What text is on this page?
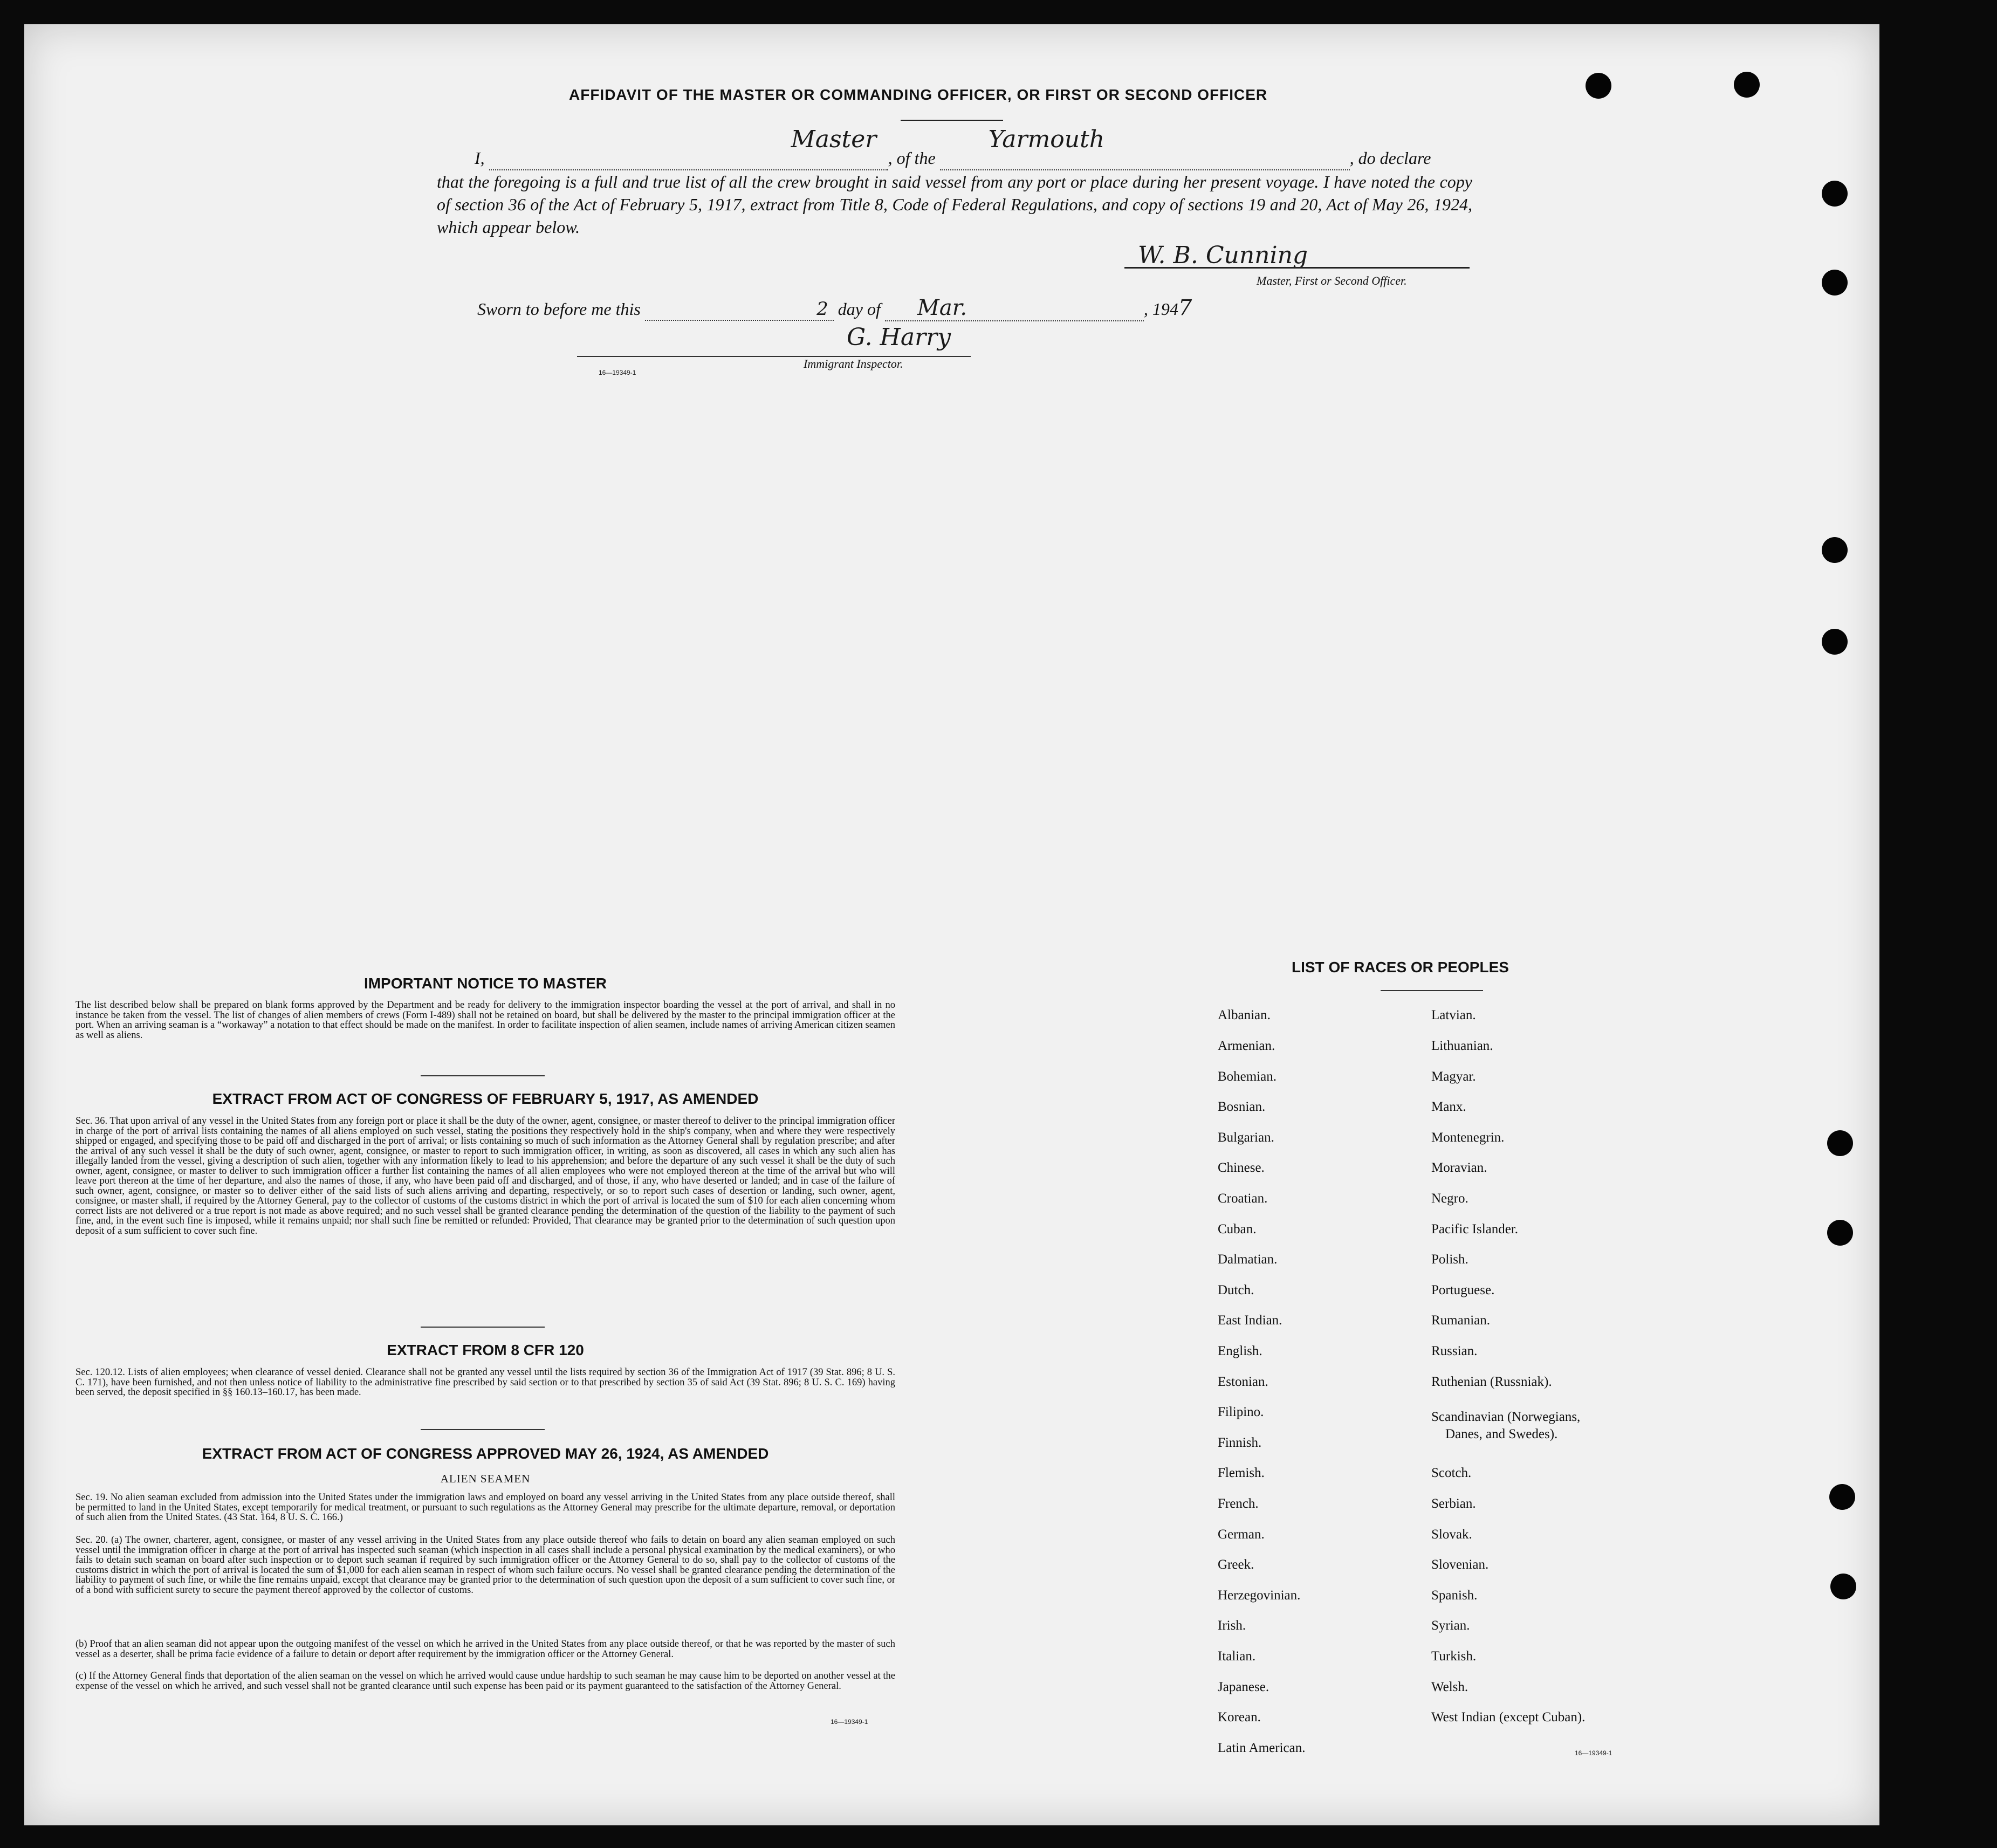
AFFIDAVIT OF THE MASTER OR COMMANDING OFFICER, OR FIRST OR SECOND OFFICER
I,
Master
, of the
Yarmouth
, do declare
that the foregoing is a full and true list of all the crew brought in said vessel from any port or place during her present voyage. I have noted the copy of section 36 of the Act of February 5, 1917, extract from Title 8, Code of Federal Regulations, and copy of sections 19 and 20, Act of May 26, 1924, which appear below.
W. B. Cunning
Master, First or Second Officer.
Sworn to before me this	2 day of Mar.	, 1947
G. Harry
Immigrant Inspector.
16—19349-1
IMPORTANT NOTICE TO MASTER
The list described below shall be prepared on blank forms approved by the Department and be ready for delivery to the immigration inspector boarding the vessel at the port of arrival, and shall in no instance be taken from the vessel. The list of changes of alien members of crews (Form I-489) shall not be retained on board, but shall be delivered by the master to the principal immigration officer at the port. When an arriving seaman is a “workaway” a notation to that effect should be made on the manifest. In order to facilitate inspection of alien seamen, include names of arriving American citizen seamen as well as aliens.
EXTRACT FROM ACT OF CONGRESS OF FEBRUARY 5, 1917, AS AMENDED
Sec. 36. That upon arrival of any vessel in the United States from any foreign port or place it shall be the duty of the owner, agent, consignee, or master thereof to deliver to the principal immigration officer in charge of the port of arrival lists containing the names of all aliens employed on such vessel, stating the positions they respectively hold in the ship's company, when and where they were respectively shipped or engaged, and specifying those to be paid off and discharged in the port of arrival; or lists containing so much of such information as the Attorney General shall by regulation prescribe; and after the arrival of any such vessel it shall be the duty of such owner, agent, consignee, or master to report to such immigration officer, in writing, as soon as discovered, all cases in which any such alien has illegally landed from the vessel, giving a description of such alien, together with any information likely to lead to his apprehension; and before the departure of any such vessel it shall be the duty of such owner, agent, consignee, or master to deliver to such immigration officer a further list containing the names of all alien employees who were not employed thereon at the time of the arrival but who will leave port thereon at the time of her departure, and also the names of those, if any, who have been paid off and discharged, and of those, if any, who have deserted or landed; and in case of the failure of such owner, agent, consignee, or master so to deliver either of the said lists of such aliens arriving and departing, respectively, or so to report such cases of desertion or landing, such owner, agent, consignee, or master shall, if required by the Attorney General, pay to the collector of customs of the customs district in which the port of arrival is located the sum of $10 for each alien concerning whom correct lists are not delivered or a true report is not made as above required; and no such vessel shall be granted clearance pending the determination of the question of the liability to the payment of such fine, and, in the event such fine is imposed, while it remains unpaid; nor shall such fine be remitted or refunded: Provided, That clearance may be granted prior to the determination of such question upon deposit of a sum sufficient to cover such fine.
EXTRACT FROM 8 CFR 120
Sec. 120.12. Lists of alien employees; when clearance of vessel denied. Clearance shall not be granted any vessel until the lists required by section 36 of the Immigration Act of 1917 (39 Stat. 896; 8 U. S. C. 171), have been furnished, and not then unless notice of liability to the administrative fine prescribed by said section or to that prescribed by section 35 of said Act (39 Stat. 896; 8 U. S. C. 169) having been served, the deposit specified in §§ 160.13–160.17, has been made.
EXTRACT FROM ACT OF CONGRESS APPROVED MAY 26, 1924, AS AMENDED
ALIEN SEAMEN
Sec. 19. No alien seaman excluded from admission into the United States under the immigration laws and employed on board any vessel arriving in the United States from any place outside thereof, shall be permitted to land in the United States, except temporarily for medical treatment, or pursuant to such regulations as the Attorney General may prescribe for the ultimate departure, removal, or deportation of such alien from the United States. (43 Stat. 164, 8 U. S. C. 166.)
Sec. 20. (a) The owner, charterer, agent, consignee, or master of any vessel arriving in the United States from any place outside thereof who fails to detain on board any alien seaman employed on such vessel until the immigration officer in charge at the port of arrival has inspected such seaman (which inspection in all cases shall include a personal physical examination by the medical examiners), or who fails to detain such seaman on board after such inspection or to deport such seaman if required by such immigration officer or the Attorney General to do so, shall pay to the collector of customs of the customs district in which the port of arrival is located the sum of $1,000 for each alien seaman in respect of whom such failure occurs. No vessel shall be granted clearance pending the determination of the liability to payment of such fine, or while the fine remains unpaid, except that clearance may be granted prior to the determination of such question upon the deposit of a sum sufficient to cover such fine, or of a bond with sufficient surety to secure the payment thereof approved by the collector of customs.
(b) Proof that an alien seaman did not appear upon the outgoing manifest of the vessel on which he arrived in the United States from any place outside thereof, or that he was reported by the master of such vessel as a deserter, shall be prima facie evidence of a failure to detain or deport after requirement by the immigration officer or the Attorney General.
(c) If the Attorney General finds that deportation of the alien seaman on the vessel on which he arrived would cause undue hardship to such seaman he may cause him to be deported on another vessel at the expense of the vessel on which he arrived, and such vessel shall not be granted clearance until such expense has been paid or its payment guaranteed to the satisfaction of the Attorney General.
16—19349-1
LIST OF RACES OR PEOPLES
Albanian.
Armenian.
Bohemian.
Bosnian.
Bulgarian.
Chinese.
Croatian.
Cuban.
Dalmatian.
Dutch.
East Indian.
English.
Estonian.
Filipino.
Finnish.
Flemish.
French.
German.
Greek.
Herzegovinian.
Irish.
Italian.
Japanese.
Korean.
Latin American.
Latvian.
Lithuanian.
Magyar.
Manx.
Montenegrin.
Moravian.
Negro.
Pacific Islander.
Polish.
Portuguese.
Rumanian.
Russian.
Ruthenian (Russniak).
Scandinavian (Norwegians,
Danes, and Swedes).
Scotch.
Serbian.
Slovak.
Slovenian.
Spanish.
Syrian.
Turkish.
Welsh.
West Indian (except Cuban).
16—19349-1
